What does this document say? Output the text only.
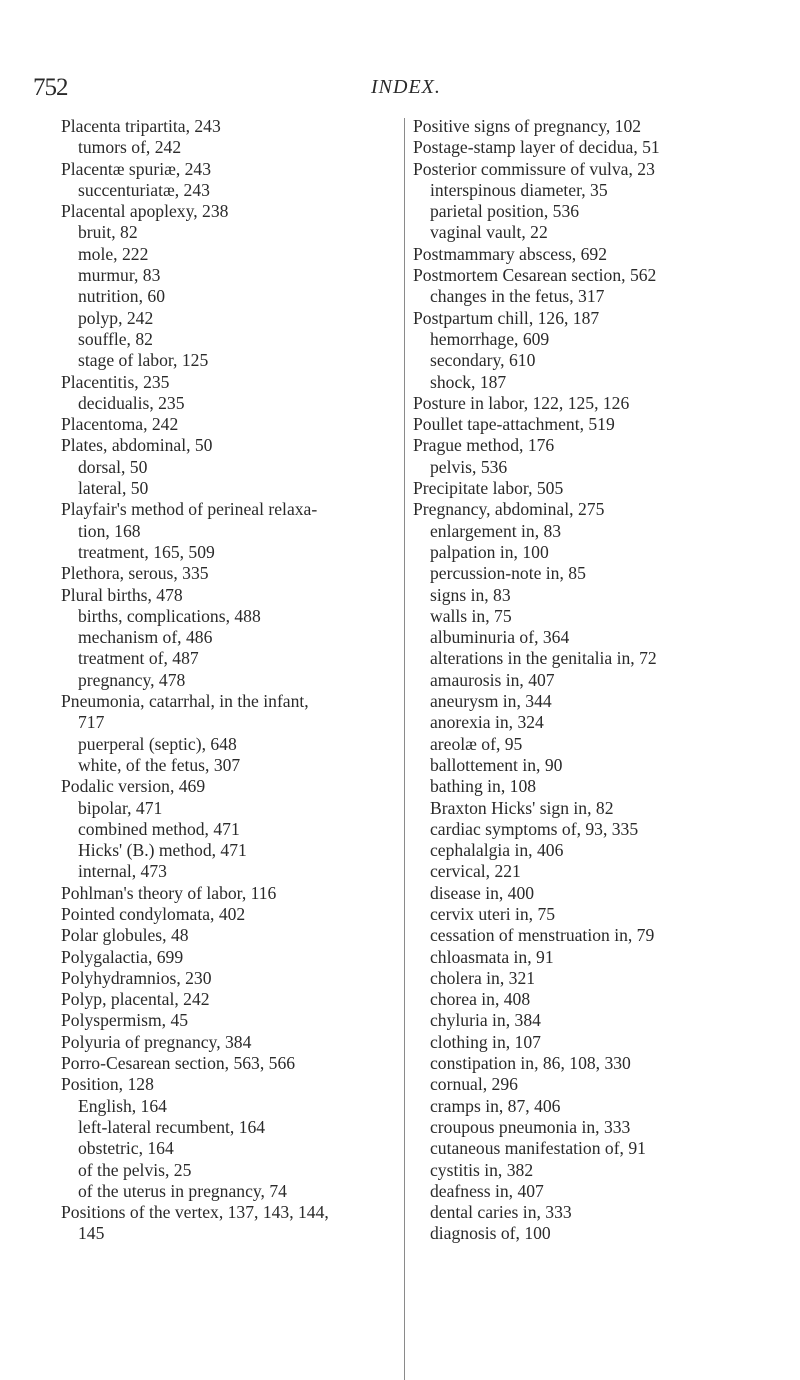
752	INDEX.
Placenta tripartita, 243
tumors of, 242
Placentæ spuriæ, 243
succenturiatæ, 243
Placental apoplexy, 238
bruit, 82
mole, 222
murmur, 83
nutrition, 60
polyp, 242
souffle, 82
stage of labor, 125
Placentitis, 235
decidualis, 235
Placentoma, 242
Plates, abdominal, 50
dorsal, 50
lateral, 50
Playfair's method of perineal relaxa-
tion, 168
treatment, 165, 509
Plethora, serous, 335
Plural births, 478
births, complications, 488
mechanism of, 486
treatment of, 487
pregnancy, 478
Pneumonia, catarrhal, in the infant,
717
puerperal (septic), 648
white, of the fetus, 307
Podalic version, 469
bipolar, 471
combined method, 471
Hicks' (B.) method, 471
internal, 473
Pohlman's theory of labor, 116
Pointed condylomata, 402
Polar globules, 48
Polygalactia, 699
Polyhydramnios, 230
Polyp, placental, 242
Polyspermism, 45
Polyuria of pregnancy, 384
Porro-Cesarean section, 563, 566
Position, 128
English, 164
left-lateral recumbent, 164
obstetric, 164
of the pelvis, 25
of the uterus in pregnancy, 74
Positions of the vertex, 137, 143, 144,
145
Positive signs of pregnancy, 102
Postage-stamp layer of decidua, 51
Posterior commissure of vulva, 23
interspinous diameter, 35
parietal position, 536
vaginal vault, 22
Postmammary abscess, 692
Postmortem Cesarean section, 562
changes in the fetus, 317
Postpartum chill, 126, 187
hemorrhage, 609
secondary, 610
shock, 187
Posture in labor, 122, 125, 126
Poullet tape-attachment, 519
Prague method, 176
pelvis, 536
Precipitate labor, 505
Pregnancy, abdominal, 275
enlargement in, 83
palpation in, 100
percussion-note in, 85
signs in, 83
walls in, 75
albuminuria of, 364
alterations in the genitalia in, 72
amaurosis in, 407
aneurysm in, 344
anorexia in, 324
areolæ of, 95
ballottement in, 90
bathing in, 108
Braxton Hicks' sign in, 82
cardiac symptoms of, 93, 335
cephalalgia in, 406
cervical, 221
disease in, 400
cervix uteri in, 75
cessation of menstruation in, 79
chloasmata in, 91
cholera in, 321
chorea in, 408
chyluria in, 384
clothing in, 107
constipation in, 86, 108, 330
cornual, 296
cramps in, 87, 406
croupous pneumonia in, 333
cutaneous manifestation of, 91
cystitis in, 382
deafness in, 407
dental caries in, 333
diagnosis of, 100
